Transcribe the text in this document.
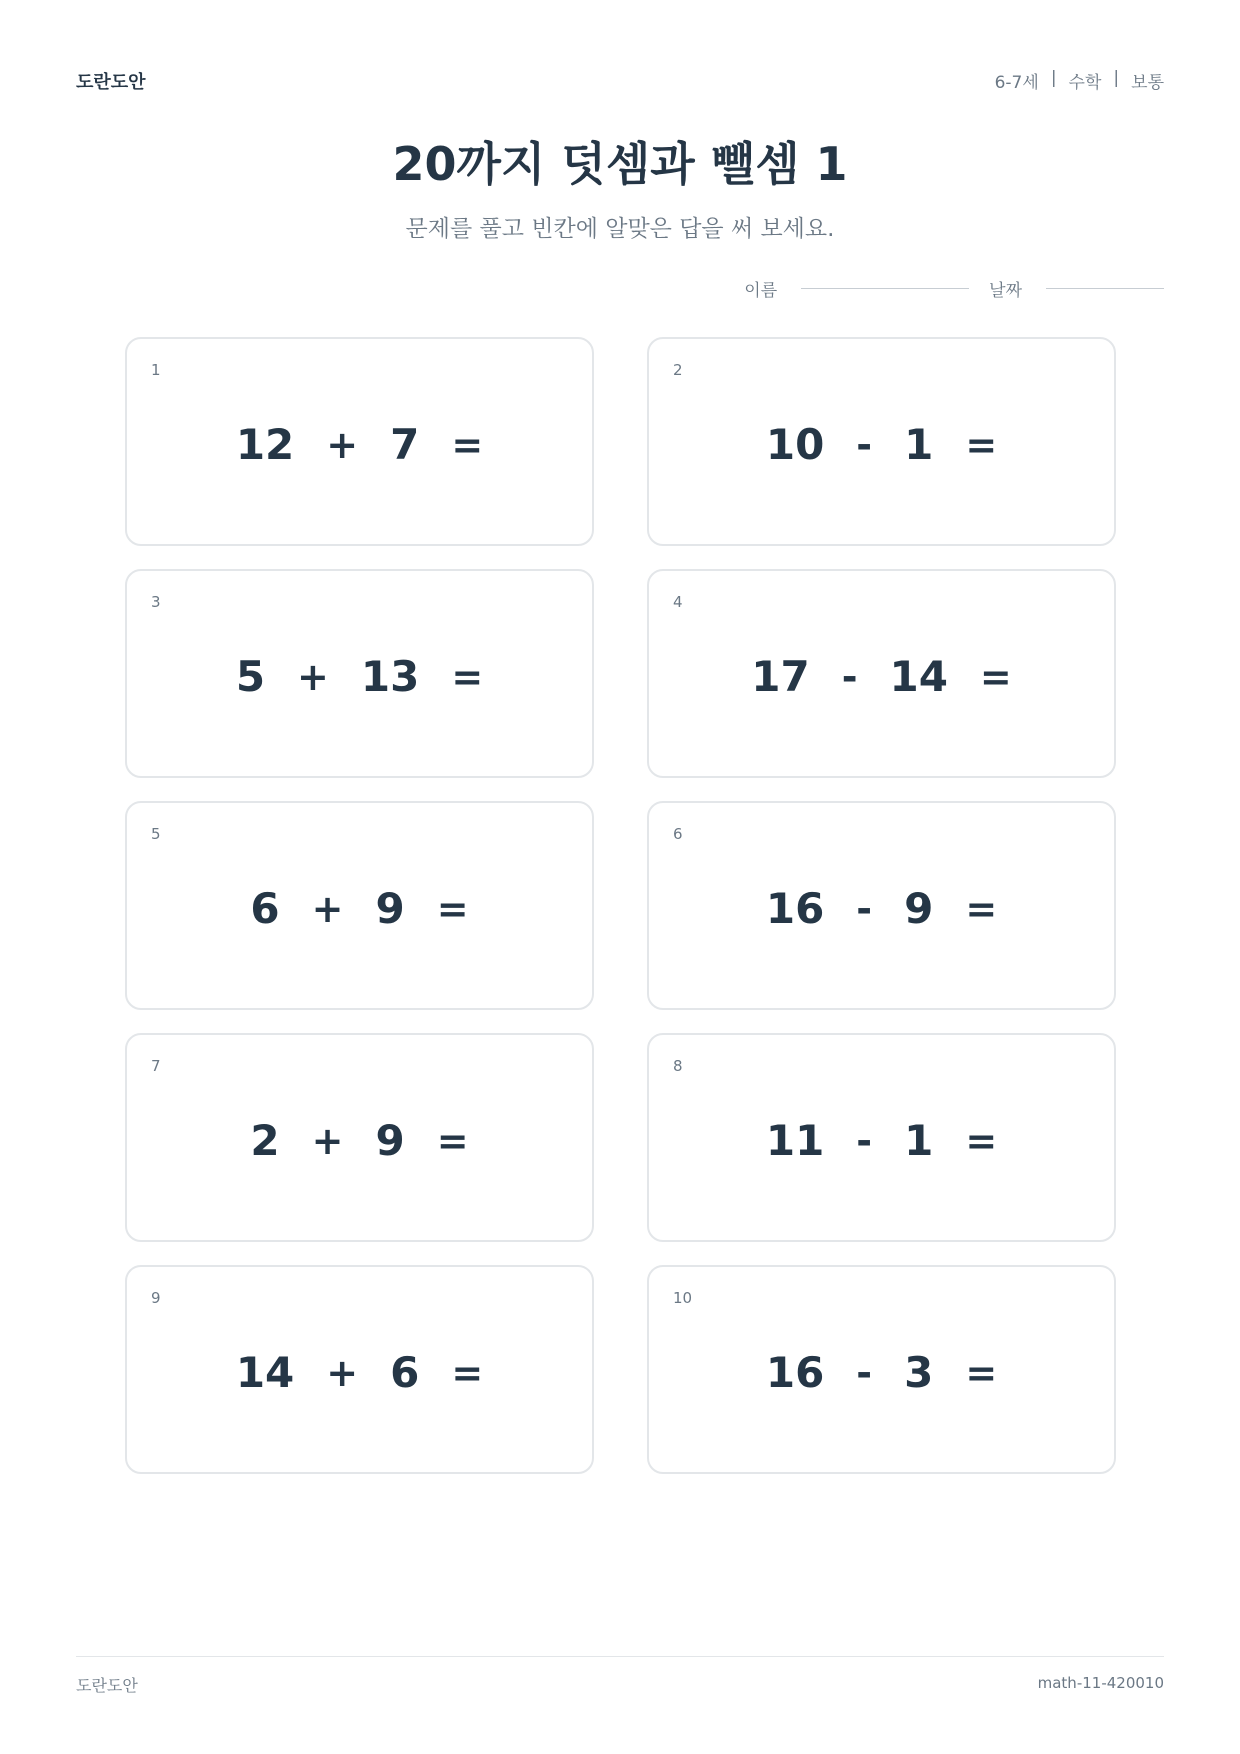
도란도안	6-7세 | 수학 | 보통
20까지 덧셈과 뺄셈 1
문제를 풀고 빈칸에 알맞은 답을 써 보세요.
이름	날짜
1
12 + 7 =
2
10 - 1 =
3
5 + 13 =
4
17 - 14 =
5
6 + 9 =
6
16 - 9 =
7
2 + 9 =
8
11 - 1 =
9
14 + 6 =
10
16 - 3 =
도란도안	math-11-420010
